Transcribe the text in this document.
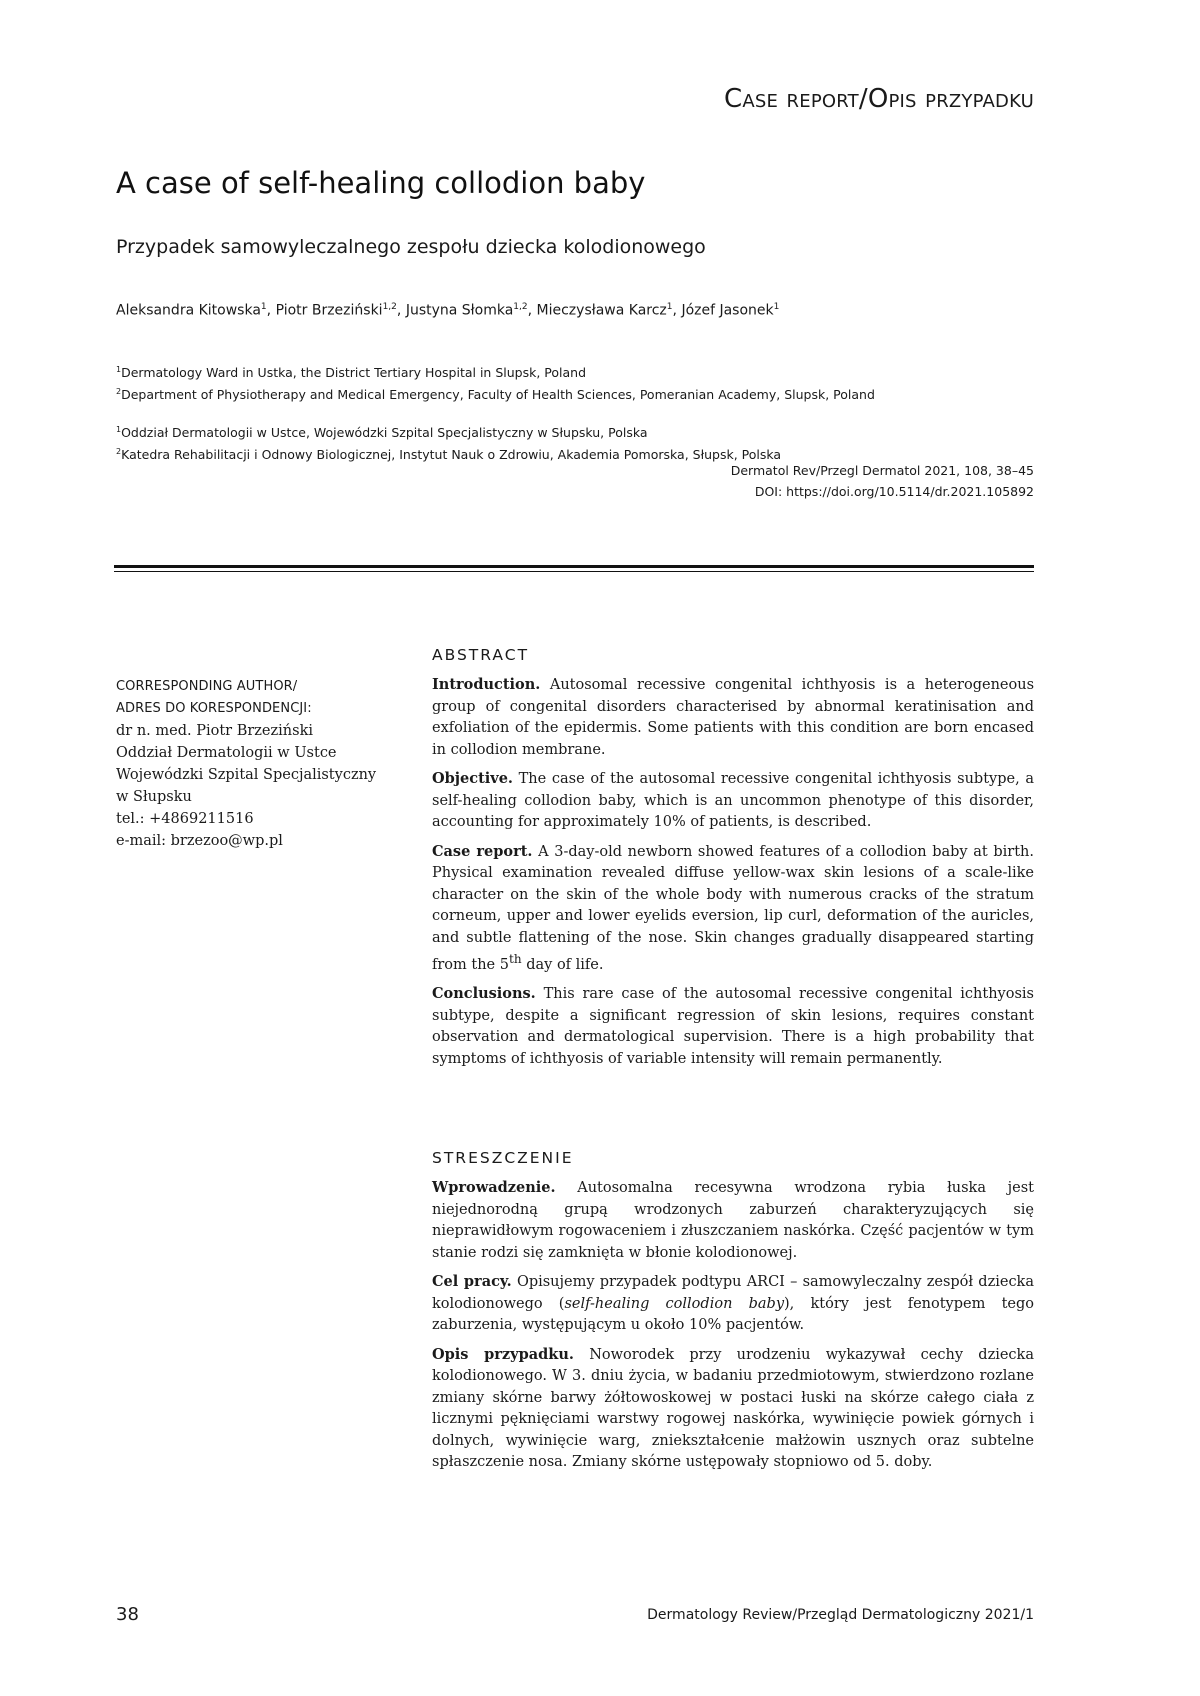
Case report/Opis przypadku
A case of self-healing collodion baby
Przypadek samowyleczalnego zespołu dziecka kolodionowego
Aleksandra Kitowska$^1$, Piotr Brzeziński$^{1,2}$, Justyna Słomka$^{1,2}$, Mieczysława Karcz$^1$, Józef Jasonek$^1$
$^1$Dermatology Ward in Ustka, the District Tertiary Hospital in Slupsk, Poland
$^2$Department of Physiotherapy and Medical Emergency, Faculty of Health Sciences, Pomeranian Academy, Slupsk, Poland
$^1$Oddział Dermatologii w Ustce, Wojewódzki Szpital Specjalistyczny w Słupsku, Polska
$^2$Katedra Rehabilitacji i Odnowy Biologicznej, Instytut Nauk o Zdrowiu, Akademia Pomorska, Słupsk, Polska
Dermatol Rev/Przegl Dermatol 2021, 108, 38–45
DOI: https://doi.org/10.5114/dr.2021.105892
CORRESPONDING AUTHOR/
ADRES DO KORESPONDENCJI:
dr n. med. Piotr Brzeziński
Oddział Dermatologii w Ustce
Wojewódzki Szpital Specjalistyczny
w Słupsku
tel.: +4869211516
e-mail: brzezoo@wp.pl
ABSTRACT

Introduction. Autosomal recessive congenital ichthyosis is a heterogeneous group of congenital disorders characterised by abnormal keratinisation and exfoliation of the epidermis. Some patients with this condition are born encased in collodion membrane.

Objective. The case of the autosomal recessive congenital ichthyosis subtype, a self-healing collodion baby, which is an uncommon phenotype of this disorder, accounting for approximately 10% of patients, is described.

Case report. A 3-day-old newborn showed features of a collodion baby at birth. Physical examination revealed diffuse yellow-wax skin lesions of a scale-like character on the skin of the whole body with numerous cracks of the stratum corneum, upper and lower eyelids eversion, lip curl, deformation of the auricles, and subtle flattening of the nose. Skin changes gradually disappeared starting from the 5th day of life.

Conclusions. This rare case of the autosomal recessive congenital ichthyosis subtype, despite a significant regression of skin lesions, requires constant observation and dermatological supervision. There is a high probability that symptoms of ichthyosis of variable intensity will remain permanently.

STRESZCZENIE

Wprowadzenie. Autosomalna recesywna wrodzona rybia łuska jest niejednorodną grupą wrodzonych zaburzeń charakteryzujących się nieprawidłowym rogowaceniem i złuszczaniem naskórka. Część pacjentów w tym stanie rodzi się zamknięta w błonie kolodionowej.

Cel pracy. Opisujemy przypadek podtypu ARCI – samowyleczalny zespół dziecka kolodionowego (self-healing collodion baby), który jest fenotypem tego zaburzenia, występującym u około 10% pacjentów.

Opis przypadku. Noworodek przy urodzeniu wykazywał cechy dziecka kolodionowego. W 3. dniu życia, w badaniu przedmiotowym, stwierdzono rozlane zmiany skórne barwy żółtowoskowej w postaci łuski na skórze całego ciała z licznymi pęknięciami warstwy rogowej naskórka, wywinięcie powiek górnych i dolnych, wywinięcie warg, zniekształcenie małżowin usznych oraz subtelne spłaszczenie nosa. Zmiany skórne ustępowały stopniowo od 5. doby.

38	Dermatology Review/Przegląd Dermatologiczny 2021/1
